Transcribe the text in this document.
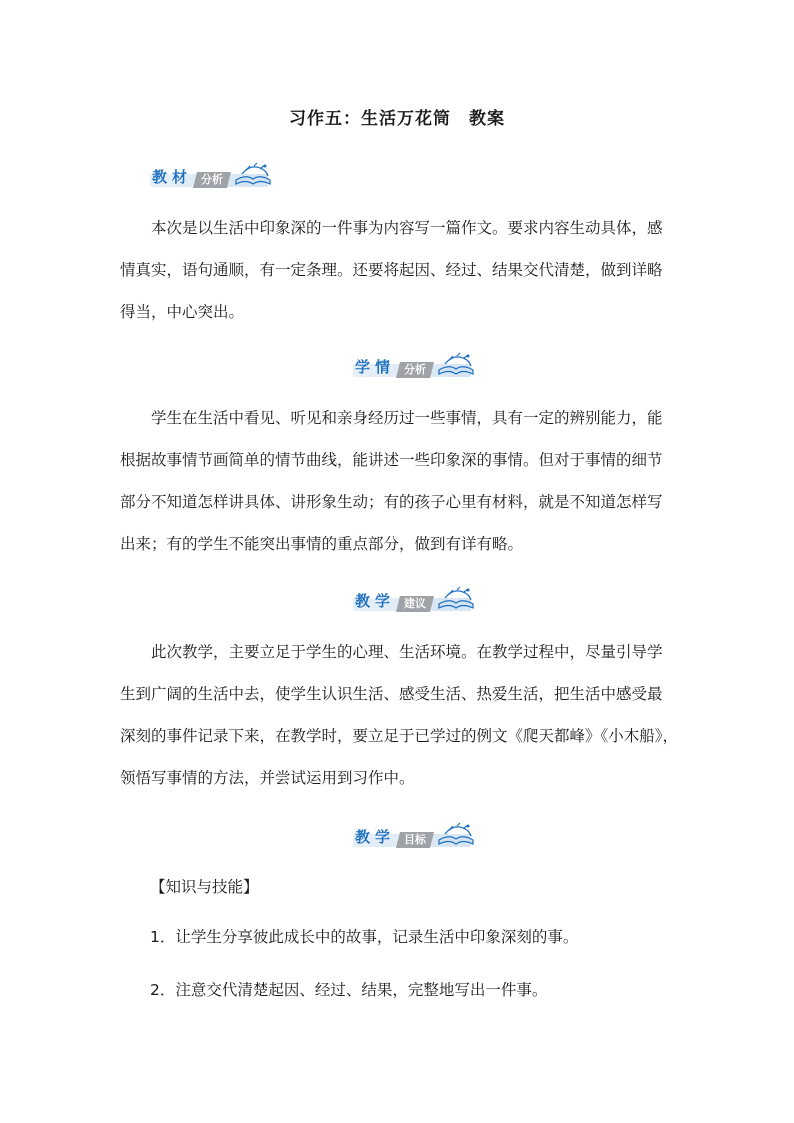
习作五：生活万花筒　教案
教 材	分析
　　本次是以生活中印象深的一件事为内容写一篇作文。要求内容生动具体，感
情真实，语句通顺，有一定条理。还要将起因、经过、结果交代清楚，做到详略
得当，中心突出。
学 情	分析
　　学生在生活中看见、听见和亲身经历过一些事情，具有一定的辨别能力，能
根据故事情节画简单的情节曲线，能讲述一些印象深的事情。但对于事情的细节
部分不知道怎样讲具体、讲形象生动；有的孩子心里有材料，就是不知道怎样写
出来；有的学生不能突出事情的重点部分，做到有详有略。
教 学	建议
　　此次教学，主要立足于学生的心理、生活环境。在教学过程中，尽量引导学
生到广阔的生活中去，使学生认识生活、感受生活、热爱生活，把生活中感受最
深刻的事件记录下来，在教学时，要立足于已学过的例文《爬天都峰》《小木船》，
领悟写事情的方法，并尝试运用到习作中。
教 学	目标
【知识与技能】
1．让学生分享彼此成长中的故事，记录生活中印象深刻的事。
2．注意交代清楚起因、经过、结果，完整地写出一件事。
